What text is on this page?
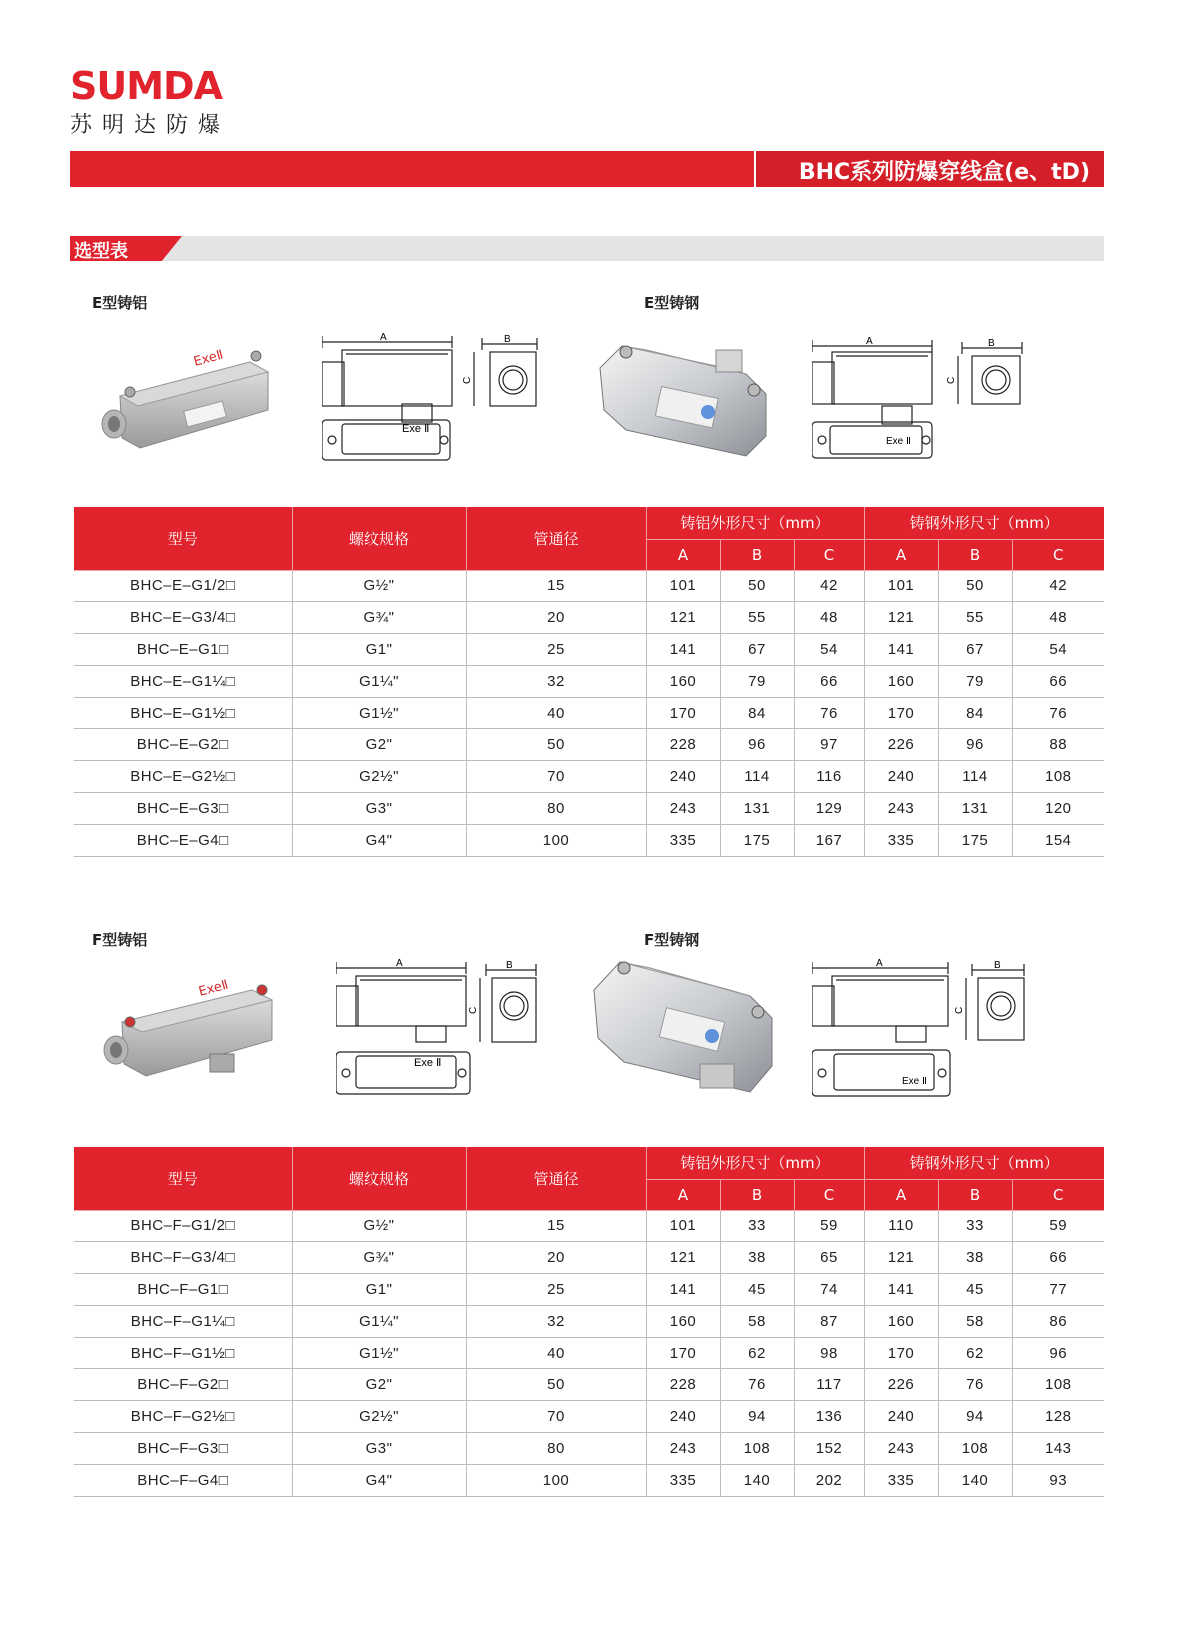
SUMDA
苏明达防爆
BHC系列防爆穿线盒(e、tD)
选型表
E型铸铝	E型铸钢
ExeⅡ
A	B
C
Exe Ⅱ
A	B
C
Exe Ⅱ
型号	螺纹规格	管通径	铸铝外形尺寸（mm）			铸钢外形尺寸（mm）		
			A	B	C	A	B	C
BHC–E–G1/2□	G½"	15	101	50	42	101	50	42
BHC–E–G3/4□	G¾"	20	121	55	48	121	55	48
BHC–E–G1□	G1"	25	141	67	54	141	67	54
BHC–E–G1¼□	G1¼"	32	160	79	66	160	79	66
BHC–E–G1½□	G1½"	40	170	84	76	170	84	76
BHC–E–G2□	G2"	50	228	96	97	226	96	88
BHC–E–G2½□	G2½"	70	240	114	116	240	114	108
BHC–E–G3□	G3"	80	243	131	129	243	131	120
BHC–E–G4□	G4"	100	335	175	167	335	175	154
F型铸铝	F型铸钢
ExeⅡ
A	B
C
Exe Ⅱ
A	B
C
Exe Ⅱ
型号	螺纹规格	管通径	铸铝外形尺寸（mm）			铸钢外形尺寸（mm）		
			A	B	C	A	B	C
BHC–F–G1/2□	G½"	15	101	33	59	110	33	59
BHC–F–G3/4□	G¾"	20	121	38	65	121	38	66
BHC–F–G1□	G1"	25	141	45	74	141	45	77
BHC–F–G1¼□	G1¼"	32	160	58	87	160	58	86
BHC–F–G1½□	G1½"	40	170	62	98	170	62	96
BHC–F–G2□	G2"	50	228	76	117	226	76	108
BHC–F–G2½□	G2½"	70	240	94	136	240	94	128
BHC–F–G3□	G3"	80	243	108	152	243	108	143
BHC–F–G4□	G4"	100	335	140	202	335	140	93
